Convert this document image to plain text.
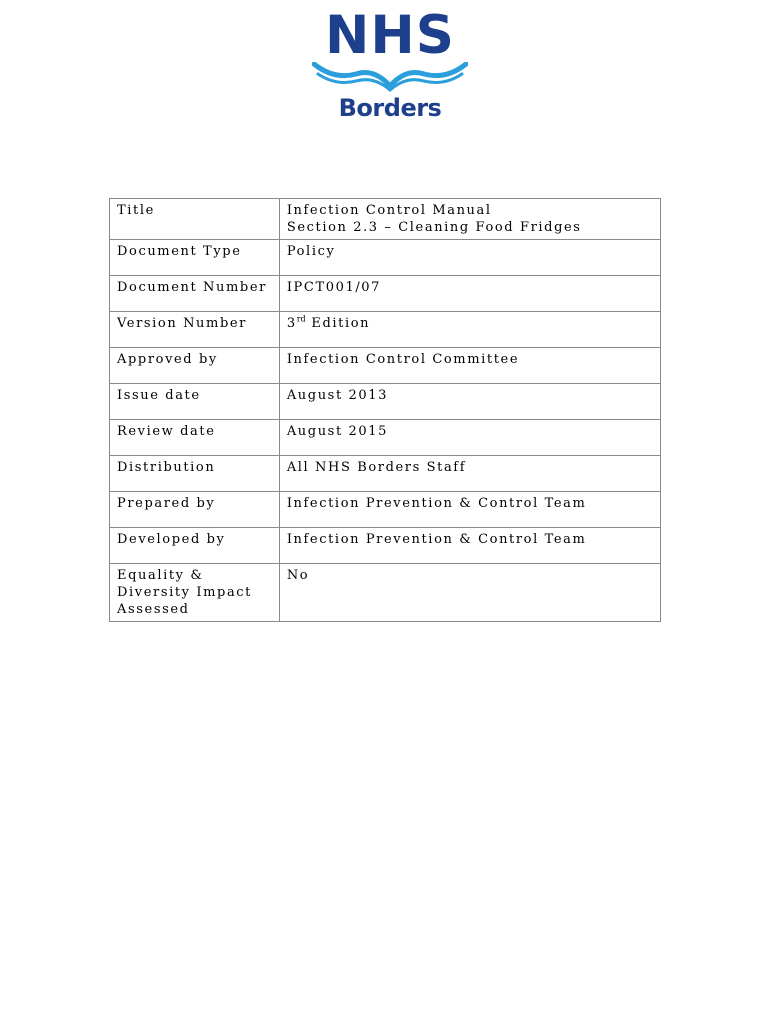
NHS
Borders
Title	Infection Control Manual
Section 2.3 – Cleaning Food Fridges

Document Type	Policy
Document Number	IPCT001/07
Version Number	3rd Edition
Approved by	Infection Control Committee
Issue date	August 2013
Review date	August 2015
Distribution	All NHS Borders Staff
Prepared by	Infection Prevention & Control Team
Developed by	Infection Prevention & Control Team
Equality & Diversity Impact Assessed	No
